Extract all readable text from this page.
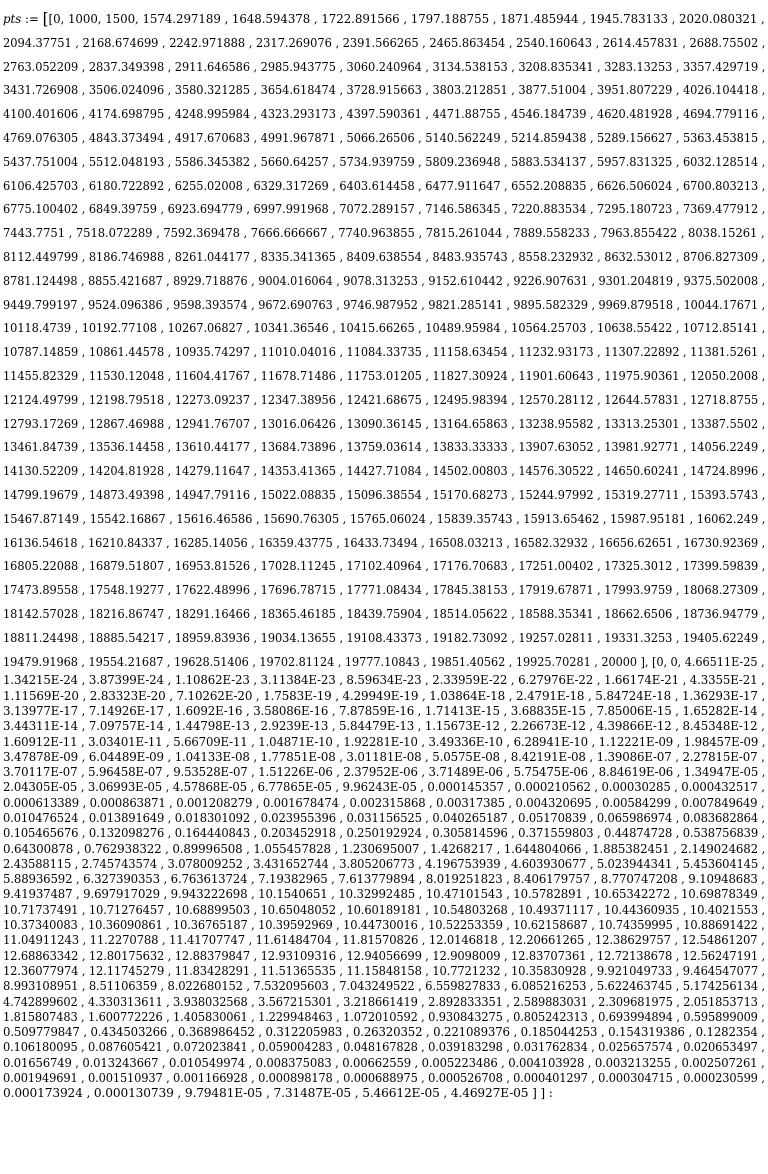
pts := [[0, 1000, 1500, 1574.297189 , 1648.594378 , 1722.891566 , 1797.188755 , 1871.485944 , 1945.783133 , 2020.080321 ,
2094.37751 , 2168.674699 , 2242.971888 , 2317.269076 , 2391.566265 , 2465.863454 , 2540.160643 , 2614.457831 , 2688.75502 ,
2763.052209 , 2837.349398 , 2911.646586 , 2985.943775 , 3060.240964 , 3134.538153 , 3208.835341 , 3283.13253 , 3357.429719 ,
3431.726908 , 3506.024096 , 3580.321285 , 3654.618474 , 3728.915663 , 3803.212851 , 3877.51004 , 3951.807229 , 4026.104418 ,
4100.401606 , 4174.698795 , 4248.995984 , 4323.293173 , 4397.590361 , 4471.88755 , 4546.184739 , 4620.481928 , 4694.779116 ,
4769.076305 , 4843.373494 , 4917.670683 , 4991.967871 , 5066.26506 , 5140.562249 , 5214.859438 , 5289.156627 , 5363.453815 ,
5437.751004 , 5512.048193 , 5586.345382 , 5660.64257 , 5734.939759 , 5809.236948 , 5883.534137 , 5957.831325 , 6032.128514 ,
6106.425703 , 6180.722892 , 6255.02008 , 6329.317269 , 6403.614458 , 6477.911647 , 6552.208835 , 6626.506024 , 6700.803213 ,
6775.100402 , 6849.39759 , 6923.694779 , 6997.991968 , 7072.289157 , 7146.586345 , 7220.883534 , 7295.180723 , 7369.477912 ,
7443.7751 , 7518.072289 , 7592.369478 , 7666.666667 , 7740.963855 , 7815.261044 , 7889.558233 , 7963.855422 , 8038.15261 ,
8112.449799 , 8186.746988 , 8261.044177 , 8335.341365 , 8409.638554 , 8483.935743 , 8558.232932 , 8632.53012 , 8706.827309 ,
8781.124498 , 8855.421687 , 8929.718876 , 9004.016064 , 9078.313253 , 9152.610442 , 9226.907631 , 9301.204819 , 9375.502008 ,
9449.799197 , 9524.096386 , 9598.393574 , 9672.690763 , 9746.987952 , 9821.285141 , 9895.582329 , 9969.879518 , 10044.17671 ,
10118.4739 , 10192.77108 , 10267.06827 , 10341.36546 , 10415.66265 , 10489.95984 , 10564.25703 , 10638.55422 , 10712.85141 ,
10787.14859 , 10861.44578 , 10935.74297 , 11010.04016 , 11084.33735 , 11158.63454 , 11232.93173 , 11307.22892 , 11381.5261 ,
11455.82329 , 11530.12048 , 11604.41767 , 11678.71486 , 11753.01205 , 11827.30924 , 11901.60643 , 11975.90361 , 12050.2008 ,
12124.49799 , 12198.79518 , 12273.09237 , 12347.38956 , 12421.68675 , 12495.98394 , 12570.28112 , 12644.57831 , 12718.8755 ,
12793.17269 , 12867.46988 , 12941.76707 , 13016.06426 , 13090.36145 , 13164.65863 , 13238.95582 , 13313.25301 , 13387.5502 ,
13461.84739 , 13536.14458 , 13610.44177 , 13684.73896 , 13759.03614 , 13833.33333 , 13907.63052 , 13981.92771 , 14056.2249 ,
14130.52209 , 14204.81928 , 14279.11647 , 14353.41365 , 14427.71084 , 14502.00803 , 14576.30522 , 14650.60241 , 14724.8996 ,
14799.19679 , 14873.49398 , 14947.79116 , 15022.08835 , 15096.38554 , 15170.68273 , 15244.97992 , 15319.27711 , 15393.5743 ,
15467.87149 , 15542.16867 , 15616.46586 , 15690.76305 , 15765.06024 , 15839.35743 , 15913.65462 , 15987.95181 , 16062.249 ,
16136.54618 , 16210.84337 , 16285.14056 , 16359.43775 , 16433.73494 , 16508.03213 , 16582.32932 , 16656.62651 , 16730.92369 ,
16805.22088 , 16879.51807 , 16953.81526 , 17028.11245 , 17102.40964 , 17176.70683 , 17251.00402 , 17325.3012 , 17399.59839 ,
17473.89558 , 17548.19277 , 17622.48996 , 17696.78715 , 17771.08434 , 17845.38153 , 17919.67871 , 17993.9759 , 18068.27309 ,
18142.57028 , 18216.86747 , 18291.16466 , 18365.46185 , 18439.75904 , 18514.05622 , 18588.35341 , 18662.6506 , 18736.94779 ,
18811.24498 , 18885.54217 , 18959.83936 , 19034.13655 , 19108.43373 , 19182.73092 , 19257.02811 , 19331.3253 , 19405.62249 ,
19479.91968 , 19554.21687 , 19628.51406 , 19702.81124 , 19777.10843 , 19851.40562 , 19925.70281 , 20000 ], [0, 0, 4.66511E-25 ,
1.34215E-24 , 3.87399E-24 , 1.10862E-23 , 3.11384E-23 , 8.59634E-23 , 2.33959E-22 , 6.27976E-22 , 1.66174E-21 , 4.3355E-21 ,
1.11569E-20 , 2.83323E-20 , 7.10262E-20 , 1.7583E-19 , 4.29949E-19 , 1.03864E-18 , 2.4791E-18 , 5.84724E-18 , 1.36293E-17 ,
3.13977E-17 , 7.14926E-17 , 1.6092E-16 , 3.58086E-16 , 7.87859E-16 , 1.71413E-15 , 3.68835E-15 , 7.85006E-15 , 1.65282E-14 ,
3.44311E-14 , 7.09757E-14 , 1.44798E-13 , 2.9239E-13 , 5.84479E-13 , 1.15673E-12 , 2.26673E-12 , 4.39866E-12 , 8.45348E-12 ,
1.60912E-11 , 3.03401E-11 , 5.66709E-11 , 1.04871E-10 , 1.92281E-10 , 3.49336E-10 , 6.28941E-10 , 1.12221E-09 , 1.98457E-09 ,
3.47878E-09 , 6.04489E-09 , 1.04133E-08 , 1.77851E-08 , 3.01181E-08 , 5.0575E-08 , 8.42191E-08 , 1.39086E-07 , 2.27815E-07 ,
3.70117E-07 , 5.96458E-07 , 9.53528E-07 , 1.51226E-06 , 2.37952E-06 , 3.71489E-06 , 5.75475E-06 , 8.84619E-06 , 1.34947E-05 ,
2.04305E-05 , 3.06993E-05 , 4.57868E-05 , 6.77865E-05 , 9.96243E-05 , 0.000145357 , 0.000210562 , 0.00030285 , 0.000432517 ,
0.000613389 , 0.000863871 , 0.001208279 , 0.001678474 , 0.002315868 , 0.00317385 , 0.004320695 , 0.00584299 , 0.007849649 ,
0.010476524 , 0.013891649 , 0.018301092 , 0.023955396 , 0.031156525 , 0.040265187 , 0.05170839 , 0.065986974 , 0.083682864 ,
0.105465676 , 0.132098276 , 0.164440843 , 0.203452918 , 0.250192924 , 0.305814596 , 0.371559803 , 0.44874728 , 0.538756839 ,
0.64300878 , 0.762938322 , 0.89996508 , 1.055457828 , 1.230695007 , 1.4268217 , 1.644804066 , 1.885382451 , 2.149024682 ,
2.43588115 , 2.745743574 , 3.078009252 , 3.431652744 , 3.805206773 , 4.196753939 , 4.603930677 , 5.023944341 , 5.453604145 ,
5.88936592 , 6.327390353 , 6.763613724 , 7.19382965 , 7.613779894 , 8.019251823 , 8.406179757 , 8.770747208 , 9.10948683 ,
9.41937487 , 9.697917029 , 9.943222698 , 10.1540651 , 10.32992485 , 10.47101543 , 10.5782891 , 10.65342272 , 10.69878349 ,
10.71737491 , 10.71276457 , 10.68899503 , 10.65048052 , 10.60189181 , 10.54803268 , 10.49371117 , 10.44360935 , 10.4021553 ,
10.37340083 , 10.36090861 , 10.36765187 , 10.39592969 , 10.44730016 , 10.52253359 , 10.62158687 , 10.74359995 , 10.88691422 ,
11.04911243 , 11.2270788 , 11.41707747 , 11.61484704 , 11.81570826 , 12.0146818 , 12.20661265 , 12.38629757 , 12.54861207 ,
12.68863342 , 12.80175632 , 12.88379847 , 12.93109316 , 12.94056699 , 12.9098009 , 12.83707361 , 12.72138678 , 12.56247191 ,
12.36077974 , 12.11745279 , 11.83428291 , 11.51365535 , 11.15848158 , 10.7721232 , 10.35830928 , 9.921049733 , 9.464547077 ,
8.993108951 , 8.51106359 , 8.022680152 , 7.532095603 , 7.043249522 , 6.559827833 , 6.085216253 , 5.622463745 , 5.174256134 ,
4.742899602 , 4.330313611 , 3.938032568 , 3.567215301 , 3.218661419 , 2.892833351 , 2.589883031 , 2.309681975 , 2.051853713 ,
1.815807483 , 1.600772226 , 1.405830061 , 1.229948463 , 1.072010592 , 0.930843275 , 0.805242313 , 0.693994894 , 0.595899009 ,
0.509779847 , 0.434503266 , 0.368986452 , 0.312205983 , 0.26320352 , 0.221089376 , 0.185044253 , 0.154319386 , 0.1282354 ,
0.106180095 , 0.087605421 , 0.072023841 , 0.059004283 , 0.048167828 , 0.039183298 , 0.031762834 , 0.025657574 , 0.020653497 ,
0.01656749 , 0.013243667 , 0.010549974 , 0.008375083 , 0.00662559 , 0.005223486 , 0.004103928 , 0.003213255 , 0.002507261 ,
0.001949691 , 0.001510937 , 0.001166928 , 0.000898178 , 0.000688975 , 0.000526708 , 0.000401297 , 0.000304715 , 0.000230599 ,
0.000173924 , 0.000130739 , 9.79481E-05 , 7.31487E-05 , 5.46612E-05 , 4.46927E-05 ] ] :
